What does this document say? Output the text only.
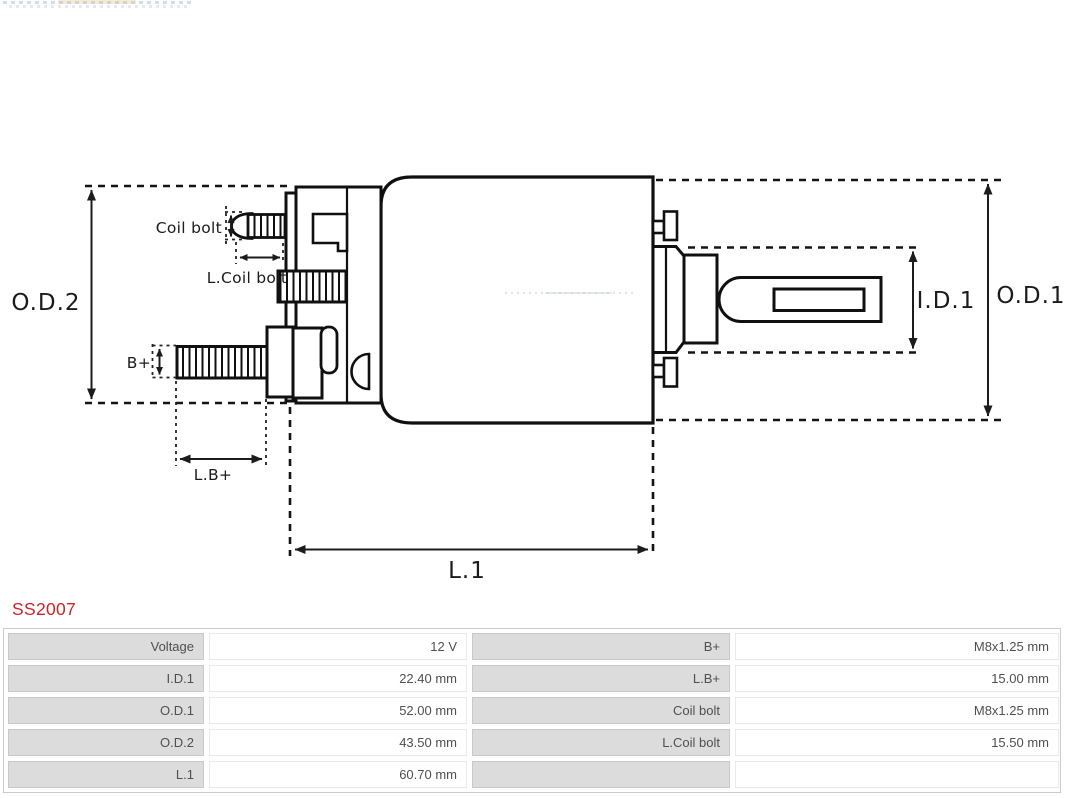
O.D.2
Coil bolt
L.Coil bolt
B+
L.B+
L.1
I.D.1 O.D.1
SS2007
Voltage	12 V	B+	M8x1.25 mm
I.D.1	22.40 mm	L.B+	15.00 mm
O.D.1	52.00 mm	Coil bolt	M8x1.25 mm
O.D.2	43.50 mm	L.Coil bolt	15.50 mm
L.1	60.70 mm
